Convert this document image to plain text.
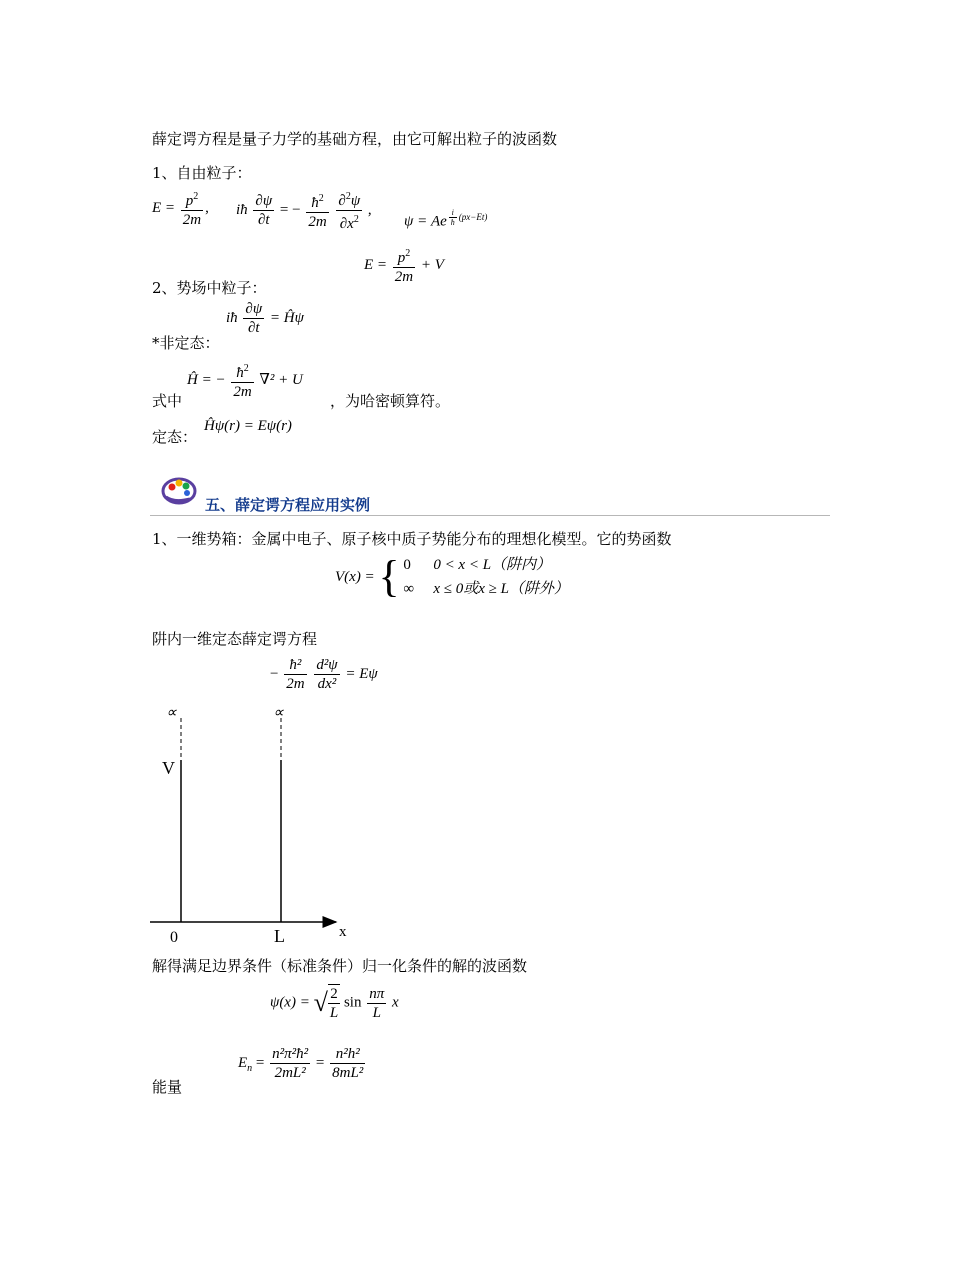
薛定谔方程是量子力学的基础方程，由它可解出粒子的波函数
1、自由粒子：
$E = \frac{p^2}{2m}$ , iħ $\frac{\partial\psi}{\partial t}$ = − $\frac{ħ^2}{2m}$
$\frac{\partial^2\psi}{\partial x^2}$ ,
ψ = Ae $^{\frac{i}{ħ} (px-Et)}$
$E = \frac{p^2}{2m} + V$
2、势场中粒子：
iħ $\frac{\partial\psi}{\partial t}$ = Ĥψ
*非定态：
Ĥ = − $\frac{ħ^2}{2m} \nabla^2 + U$
式中	，为哈密顿算符。
Ĥψ(r) = Eψ(r)
定态：
五、薛定谔方程应用实例
1、一维势箱：金属中电子、原子核中质子势能分布的理想化模型。它的势函数
V(x) = { 0 0 < x < L（阱内）
∞ x ≤ 0或x ≥ L（阱外）
阱内一维定态薛定谔方程
− $\frac{\text{ħ²}}{2m}$
$\frac{\text{d²ψ}}{\text{dx²}} = E\psi$
∝	∝
V
0	L	x
解得满足边界条件（标准条件）归一化条件的解的波函数
ψ(x) = √ $\frac{2}{L}$ $\sin \frac{n\pi}{L}$ x
$E_n = \frac{\text{n²π²ħ²}}{\text{2mL²}} = \frac{\text{n²h²}}{\text{8mL²}}$
能量
